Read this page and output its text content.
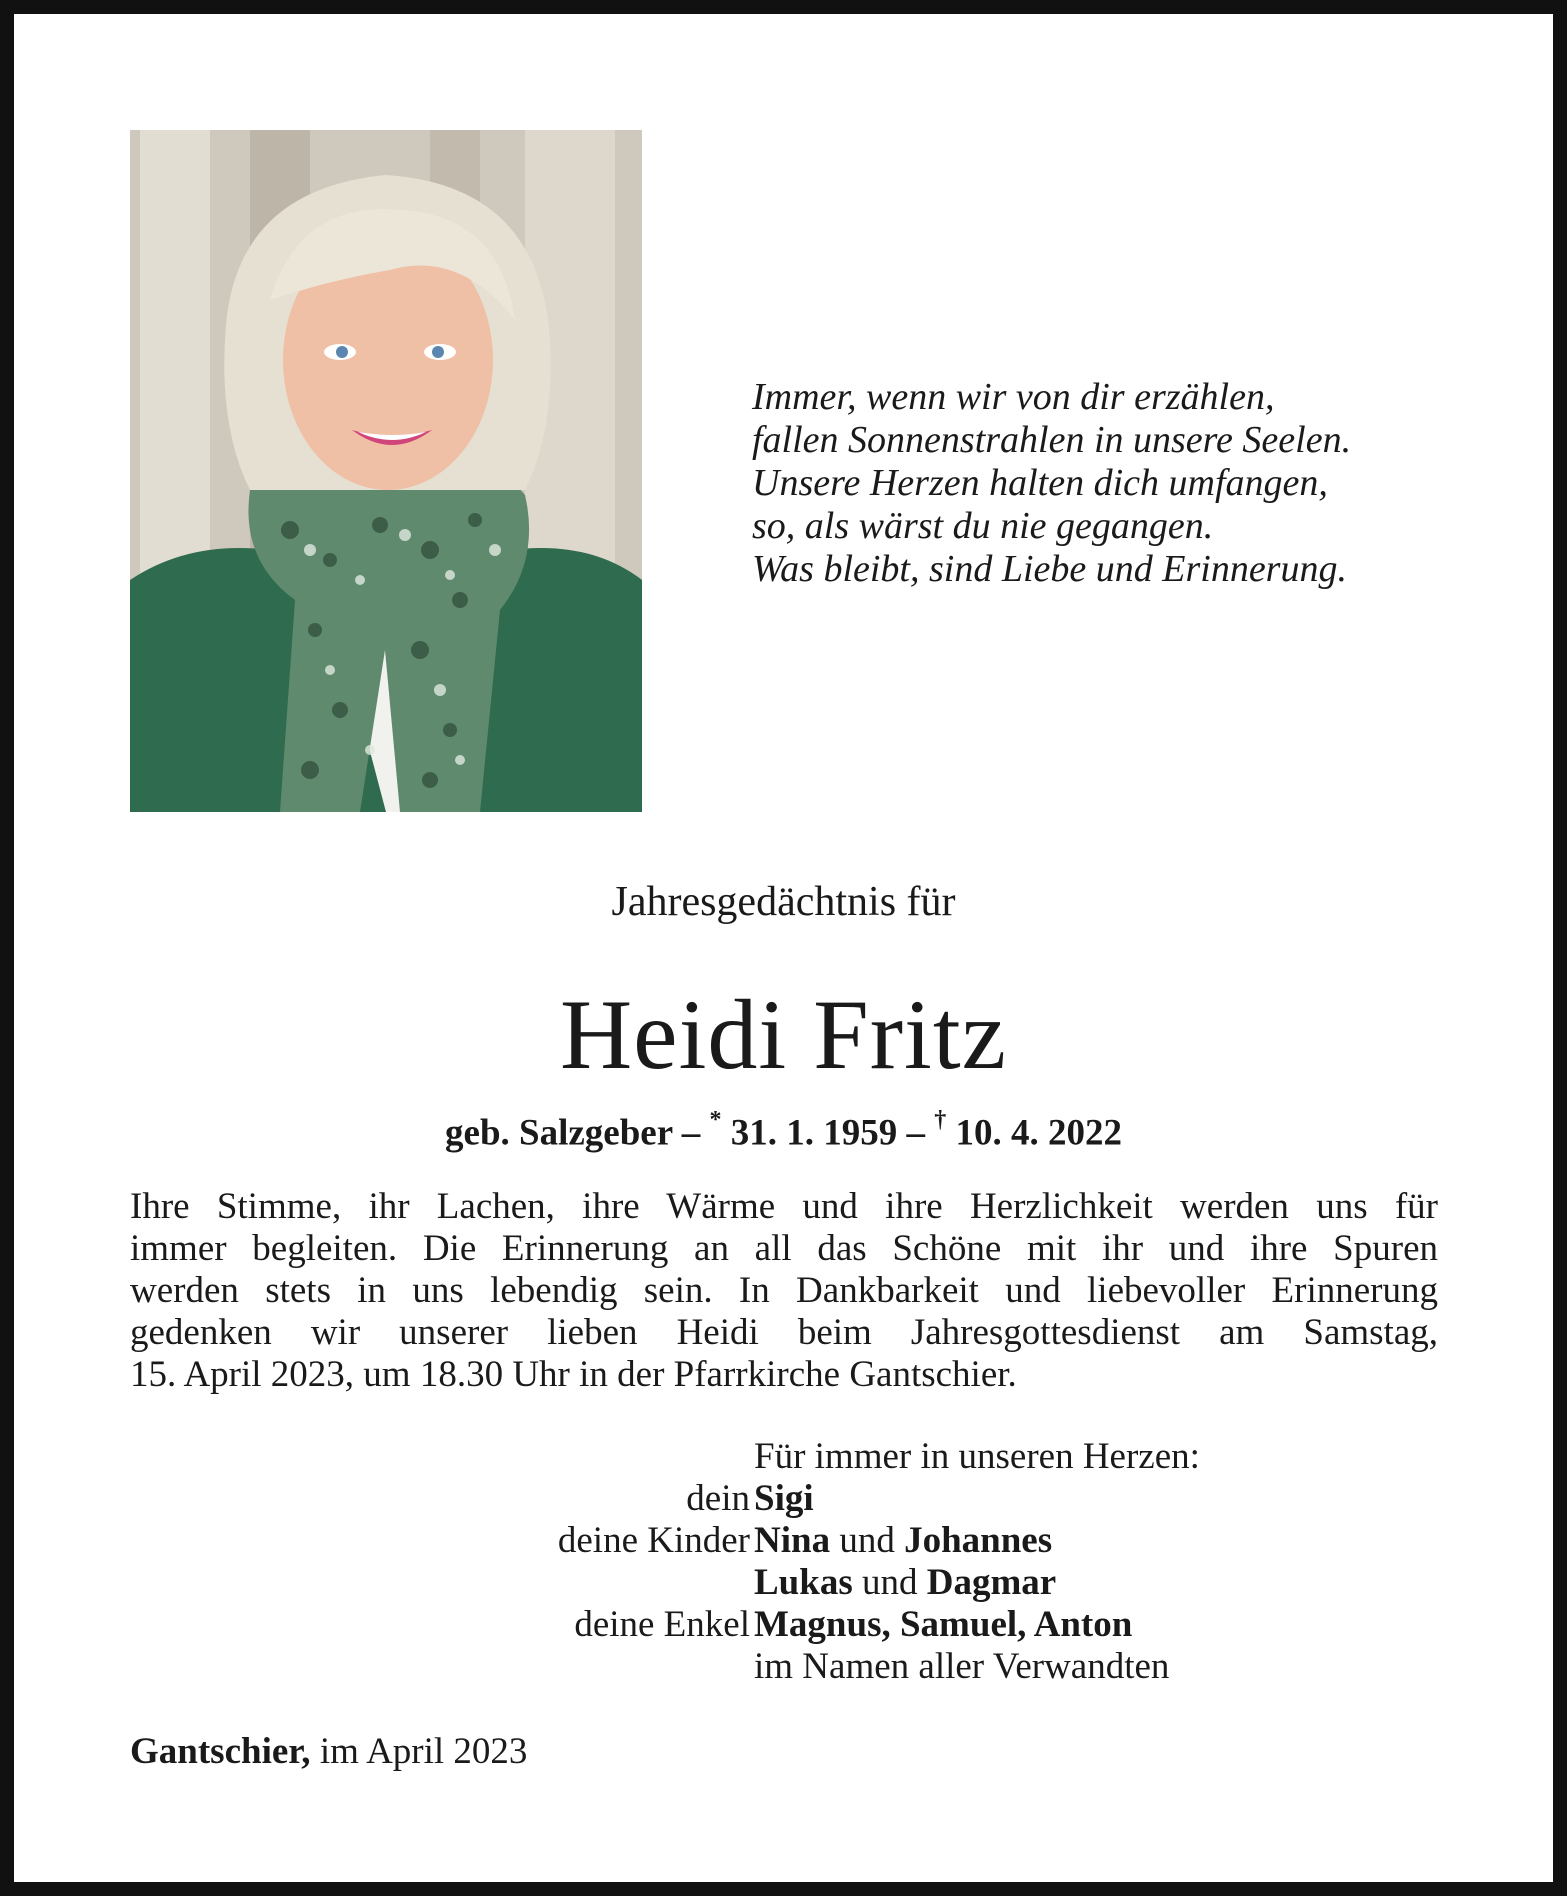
Immer, wenn wir von dir erzählen,
fallen Sonnenstrahlen in unsere Seelen.
Unsere Herzen halten dich umfangen,
so, als wärst du nie gegangen.
Was bleibt, sind Liebe und Erinnerung.
Jahresgedächtnis für
Heidi Fritz
geb. Salzgeber – * 31. 1. 1959 – † 10. 4. 2022
Ihre Stimme, ihr Lachen, ihre Wärme und ihre Herzlichkeit werden uns für
immer begleiten. Die Erinnerung an all das Schöne mit ihr und ihre Spuren
werden stets in uns lebendig sein. In Dankbarkeit und liebevoller Erinnerung
gedenken wir unserer lieben Heidi beim Jahresgottesdienst am Samstag,
15. April 2023, um 18.30 Uhr in der Pfarrkirche Gantschier.
Für immer in unseren Herzen:
dein Sigi
deine Kinder Nina und Johannes
Lukas und Dagmar
deine Enkel Magnus, Samuel, Anton
im Namen aller Verwandten
Gantschier, im April 2023
